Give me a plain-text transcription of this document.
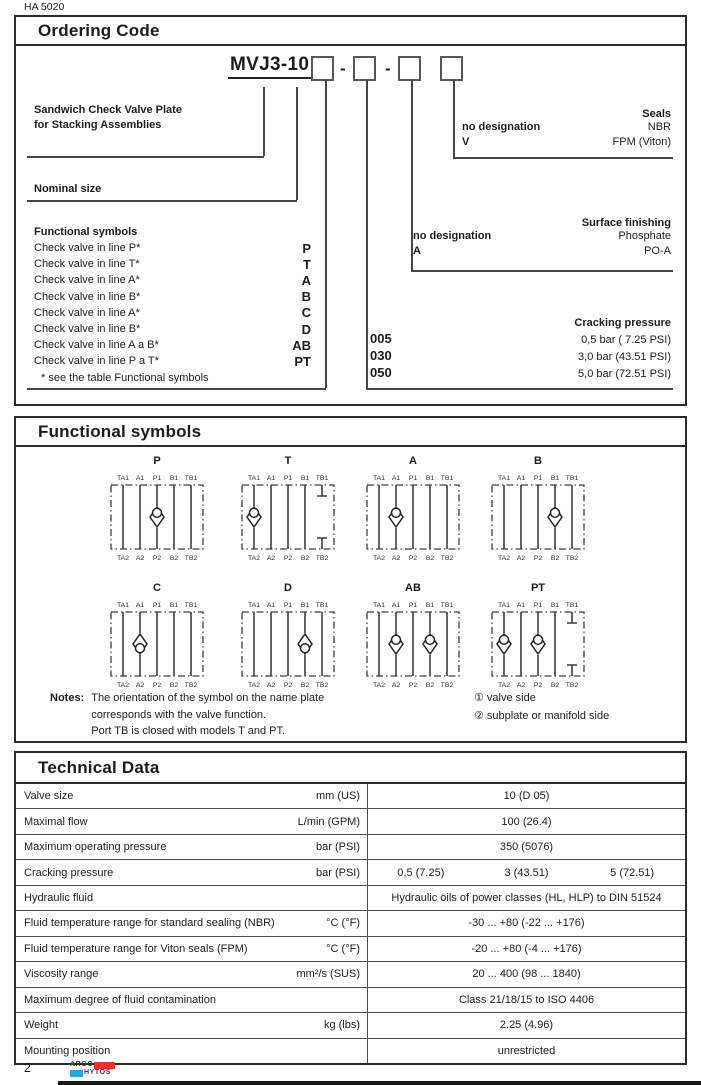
HA 5020
Ordering Code
MVJ3-10 - -
Sandwich Check Valve Plate
for Stacking Assemblies
Nominal size
Functional symbols
Check valve in line P*	P
Check valve in line T*	T
Check valve in line A*	A
Check valve in line B*	B
Check valve in line A*	C
Check valve in line B*	D
Check valve in line A a B*	AB
Check valve in line P a T*	PT
* see the table Functional symbols
Seals
no designation	NBR
V	FPM (Viton)
Surface finishing
no designation	Phosphate
A	PO-A
Cracking pressure
005	0,5 bar ( 7.25 PSI)
030	3,0 bar (43.51 PSI)
050	5,0 bar (72.51 PSI)
Functional symbols
P
TA1 A1 P1 B1 TB1
TA2 A2 P2 B2 TB2
T
TA1 A1 P1 B1 TB1
TA2 A2 P2 B2 TB2
A
TA1 A1 P1 B1 TB1
TA2 A2 P2 B2 TB2
B
TA1 A1 P1 B1 TB1
TA2 A2 P2 B2 TB2
C
TA1 A1 P1 B1 TB1
TA2 A2 P2 B2 TB2
D
TA1 A1 P1 B1 TB1
TA2 A2 P2 B2 TB2
AB
TA1 A1 P1 B1 TB1
TA2 A2 P2 B2 TB2
PT
TA1 A1 P1 B1 TB1
TA2 A2 P2 B2 TB2
Notes: The orientation of the symbol on the name plate
corresponds with the valve function.
Port TB is closed with models T and PT.
① valve side
② subplate or manifold side
Technical Data
Valve size	mm (US)	10 (D 05)
Maximal flow	L/min (GPM)	100 (26.4)
Maximum operating pressure	bar (PSI)	350 (5076)
Cracking pressure	bar (PSI)	0,5 (7.25)	3 (43.51)	5 (72.51)
Hydraulic fluid	Hydraulic oils of power classes (HL, HLP) to DIN 51524
Fluid temperature range for standard sealing (NBR)	°C (°F)	-30 ... +80 (-22 ... +176)
Fluid temperature range for Viton seals (FPM)	°C (°F)	-20 ... +80 (-4 ... +176)
Viscosity range	mm²/s (SUS)	20 ... 400 (98 ... 1840)
Maximum degree of fluid contamination	Class 21/18/15 to ISO 4406
Weight	kg (lbs)	2.25 (4.96)
Mounting position	unrestricted
2	ARGO
HYTOS
